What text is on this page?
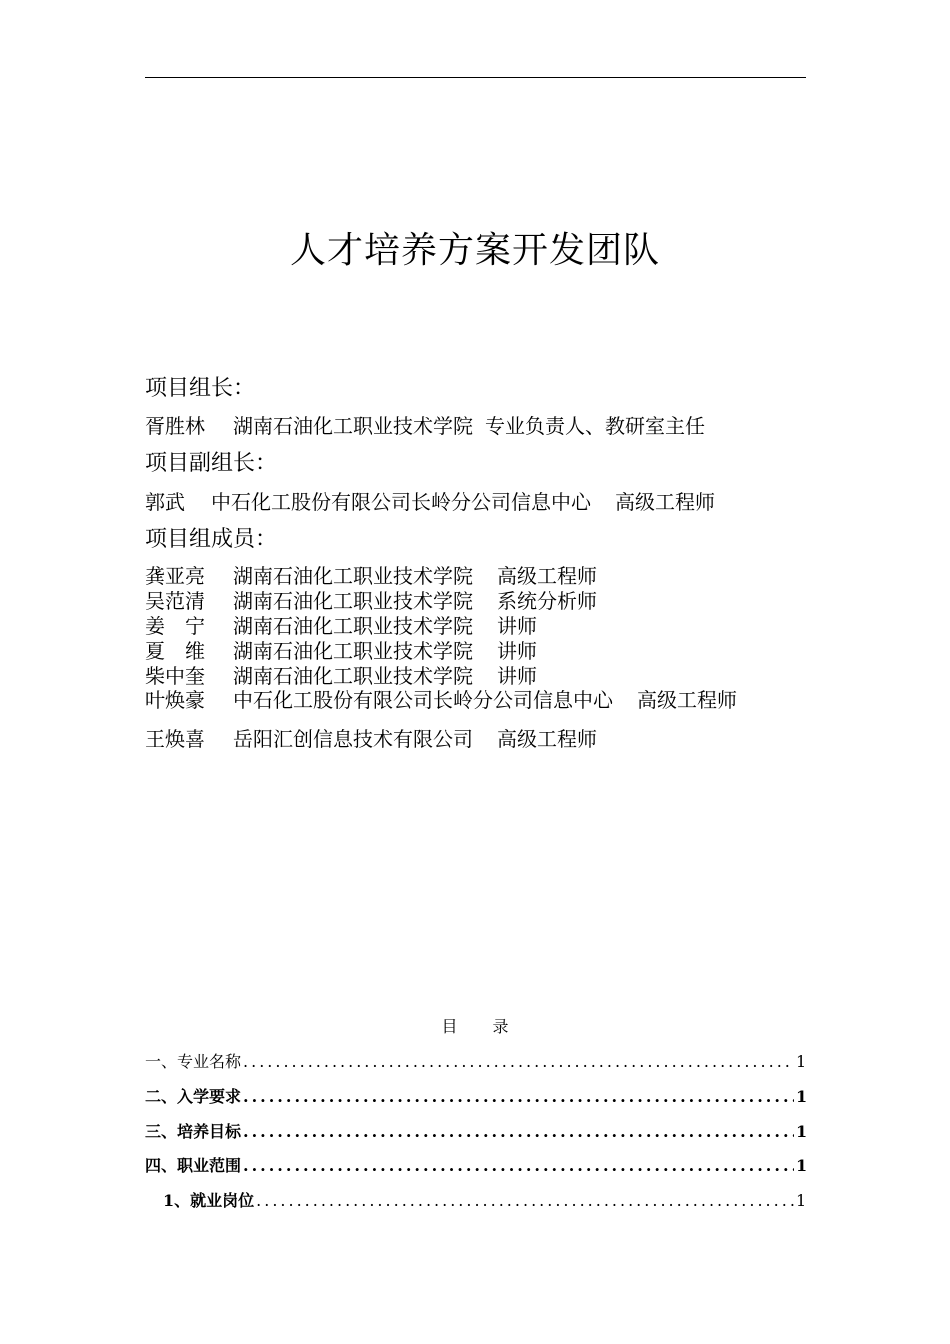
人才培养方案开发团队
项目组长：
胥胜林 湖南石油化工职业技术学院 专业负责人、教研室主任
项目副组长：
郭武 中石化工股份有限公司长岭分公司信息中心 高级工程师
项目组成员：
龚亚亮 湖南石油化工职业技术学院 高级工程师
吴范清 湖南石油化工职业技术学院 系统分析师
姜　宁 湖南石油化工职业技术学院 讲师
夏　维 湖南石油化工职业技术学院 讲师
柴中奎 湖南石油化工职业技术学院 讲师
叶焕豪 中石化工股份有限公司长岭分公司信息中心 高级工程师
王焕喜 岳阳汇创信息技术有限公司 高级工程师
目 录
一、专业名称 .....	1
二、入学要求 .....	1
三、培养目标 .....	1
四、职业范围 .....	1
1、就业岗位 .....	1
